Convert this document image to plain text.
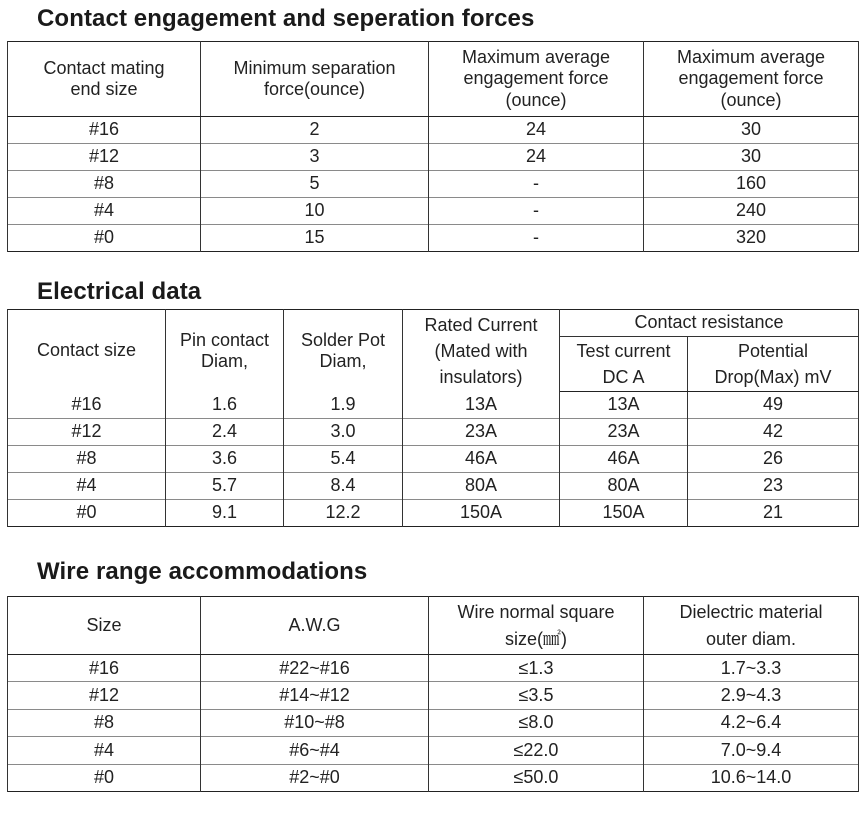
Contact engagement and seperation forces
Contact mating end size	Minimum separation force(ounce)	Maximum average engagement force (ounce)	Maximum average engagement force (ounce)
#16	2	24	30
#12	3	24	30
#8	5	-	160
#4	10	-	240
#0	15	-	320
Electrical data
Contact size	Pin contact Diam,	Solder Pot Diam,	Rated Current (Mated with insulators)	Contact resistance	
				Test current DC A	Potential Drop(Max) mV
#16	1.6	1.9	13A	13A	49
#12	2.4	3.0	23A	23A	42
#8	3.6	5.4	46A	46A	26
#4	5.7	8.4	80A	80A	23
#0	9.1	12.2	150A	150A	21
Wire range accommodations
Size	A.W.G	Wire normal square size(㎟)	Dielectric material outer diam.
#16	#22~#16	≤1.3	1.7~3.3
#12	#14~#12	≤3.5	2.9~4.3
#8	#10~#8	≤8.0	4.2~6.4
#4	#6~#4	≤22.0	7.0~9.4
#0	#2~#0	≤50.0	10.6~14.0
